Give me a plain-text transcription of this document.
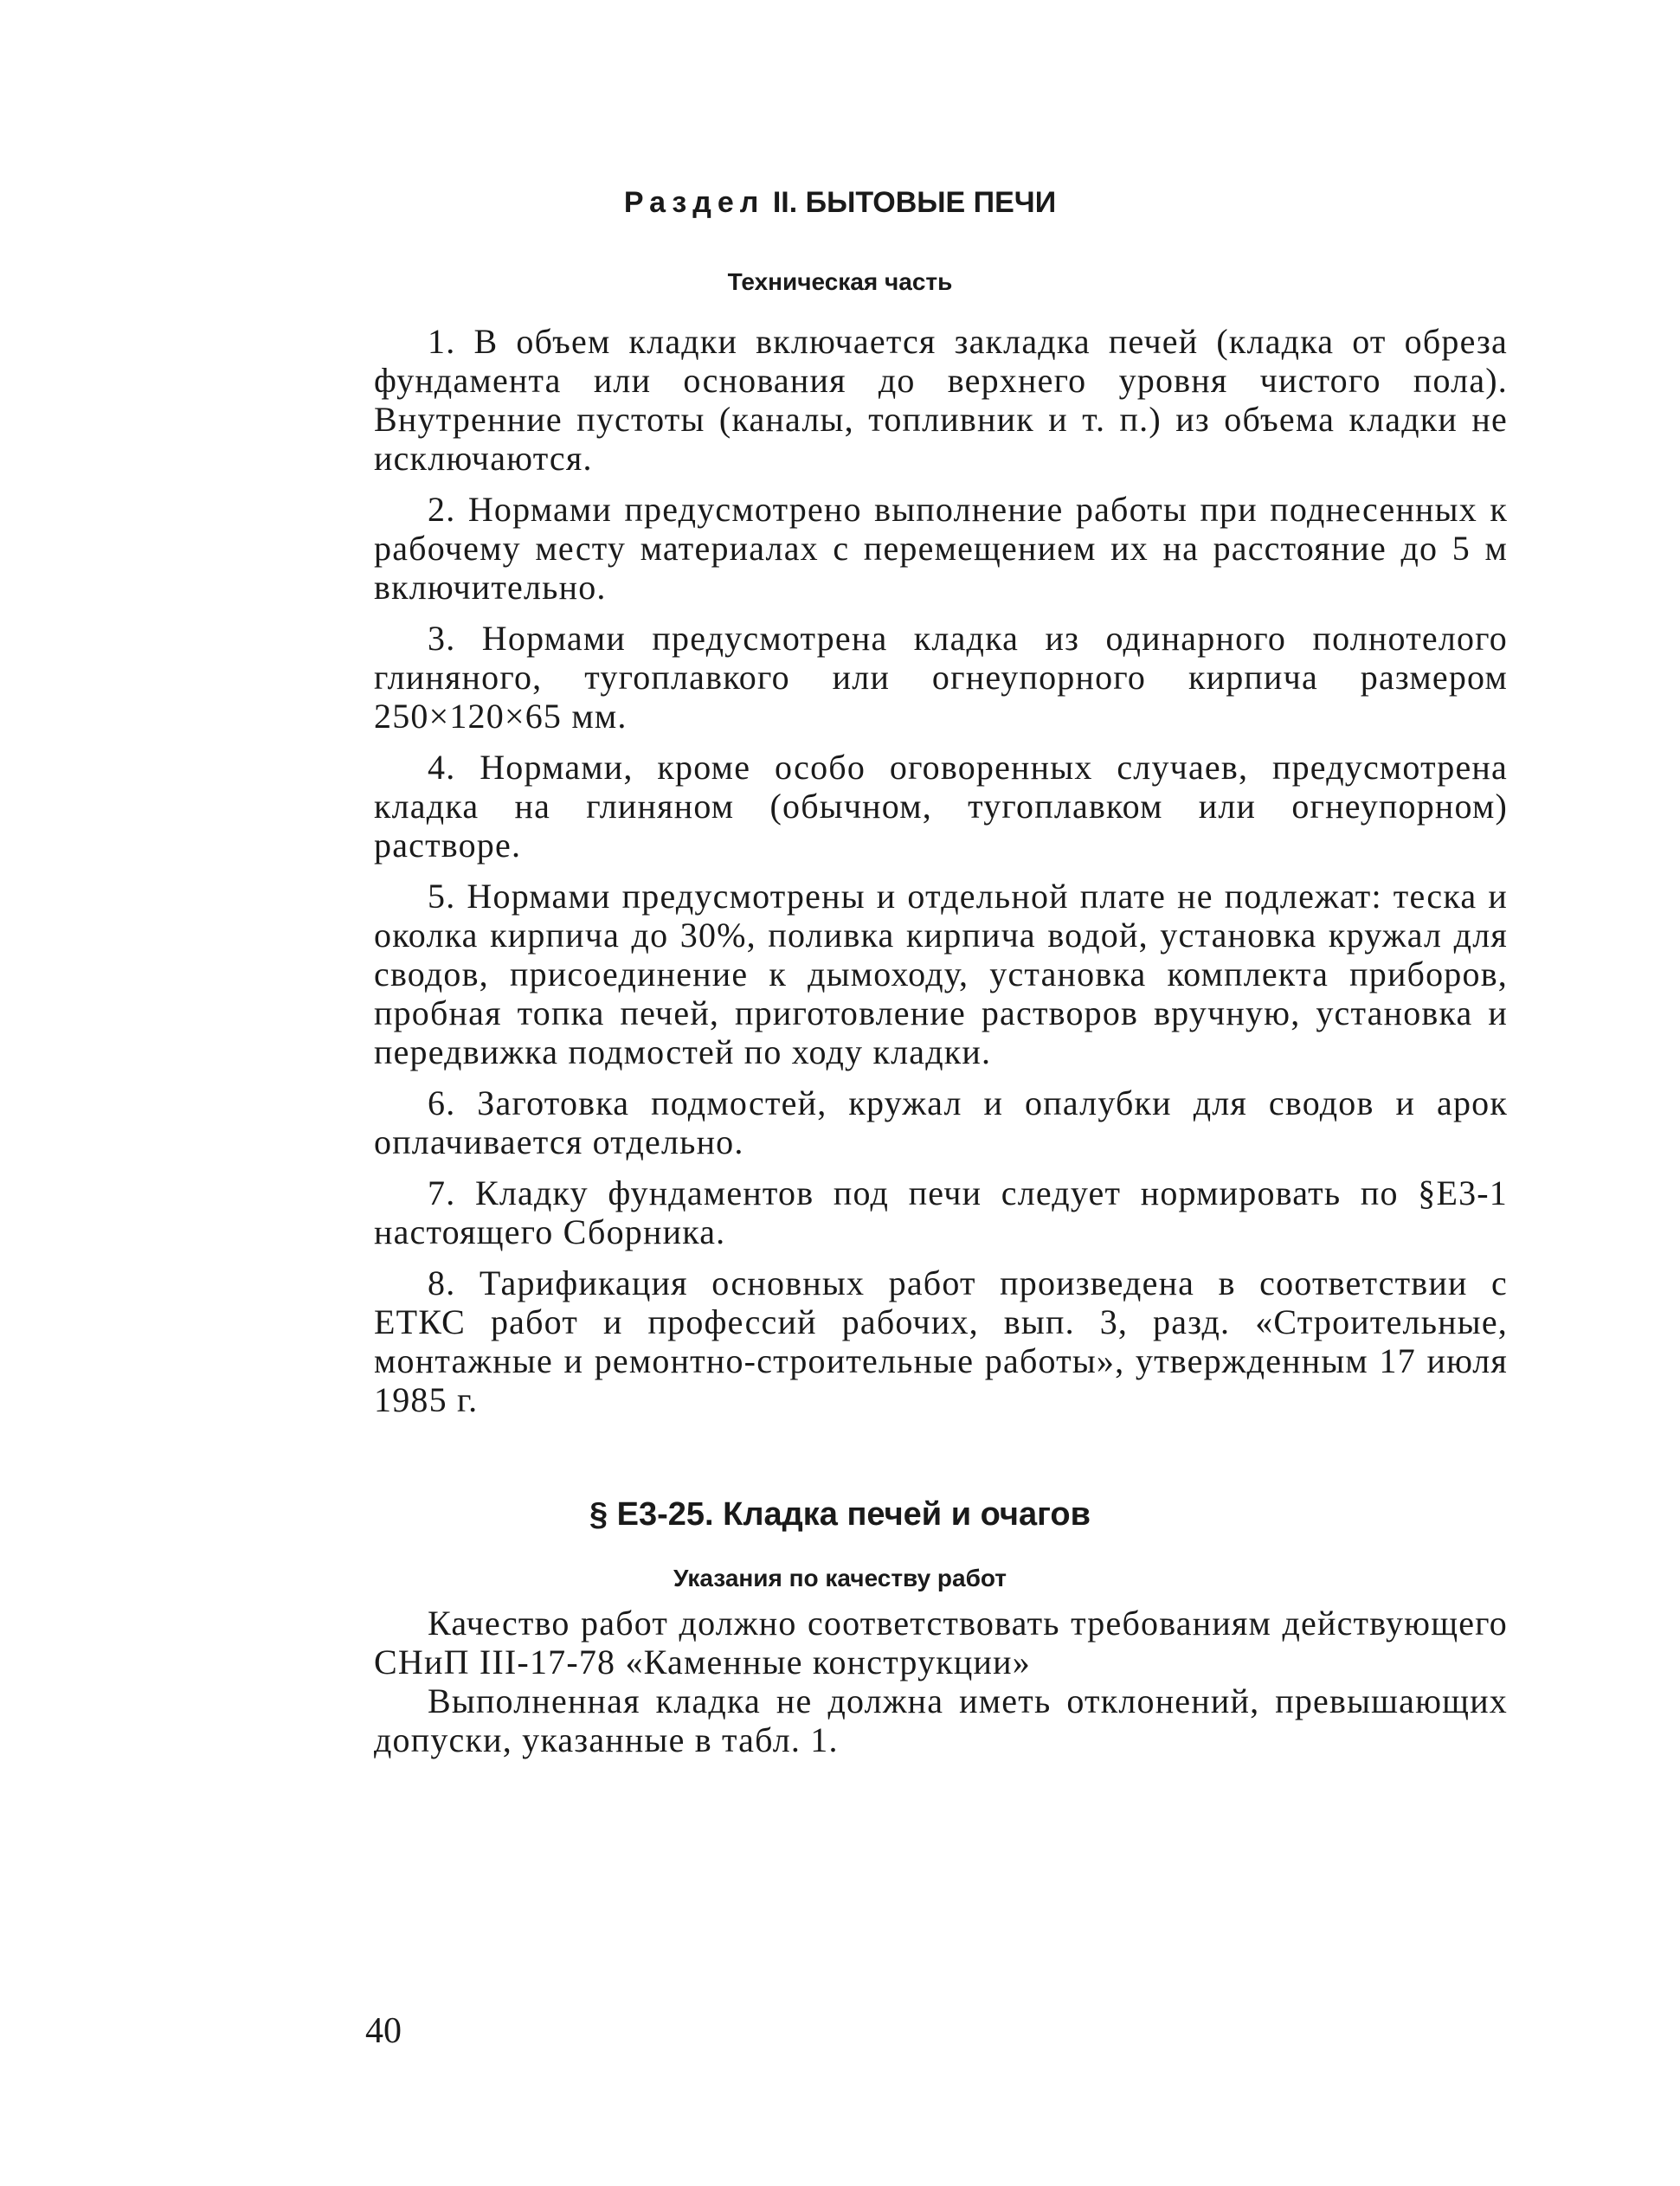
Раздел II. БЫТОВЫЕ ПЕЧИ
Техническая часть

1. В объем кладки включается закладка печей (кладка от обреза фундамента или основания до верхнего уровня чистого пола). Внутренние пустоты (каналы, топливник и т. п.) из объема кладки не исключаются.

2. Нормами предусмотрено выполнение работы при поднесенных к рабочему месту материалах с перемещением их на расстояние до 5 м включительно.

3. Нормами предусмотрена кладка из одинарного полнотелого глиняного, тугоплавкого или огнеупорного кирпича размером 250×120×65 мм.

4. Нормами, кроме особо оговоренных случаев, предусмотрена кладка на глиняном (обычном, тугоплавком или огнеупорном) растворе.

5. Нормами предусмотрены и отдельной плате не подлежат: теска и околка кирпича до 30%, поливка кирпича водой, установка кружал для сводов, присоединение к дымоходу, установка комплекта приборов, пробная топка печей, приготовление растворов вручную, установка и передвижка подмостей по ходу кладки.

6. Заготовка подмостей, кружал и опалубки для сводов и арок оплачивается отдельно.

7. Кладку фундаментов под печи следует нормировать по §Е3-1 настоящего Сборника.

8. Тарификация основных работ произведена в соответствии с ЕТКС работ и профессий рабочих, вып. 3, разд. «Строительные, монтажные и ремонтно-строительные работы», утвержденным 17 июля 1985 г.

§ Е3-25. Кладка печей и очагов
Указания по качеству работ

Качество работ должно соответствовать требованиям действующего СНиП III-17-78 «Каменные конструкции»

Выполненная кладка не должна иметь отклонений, превышающих допуски, указанные в табл. 1.

40
